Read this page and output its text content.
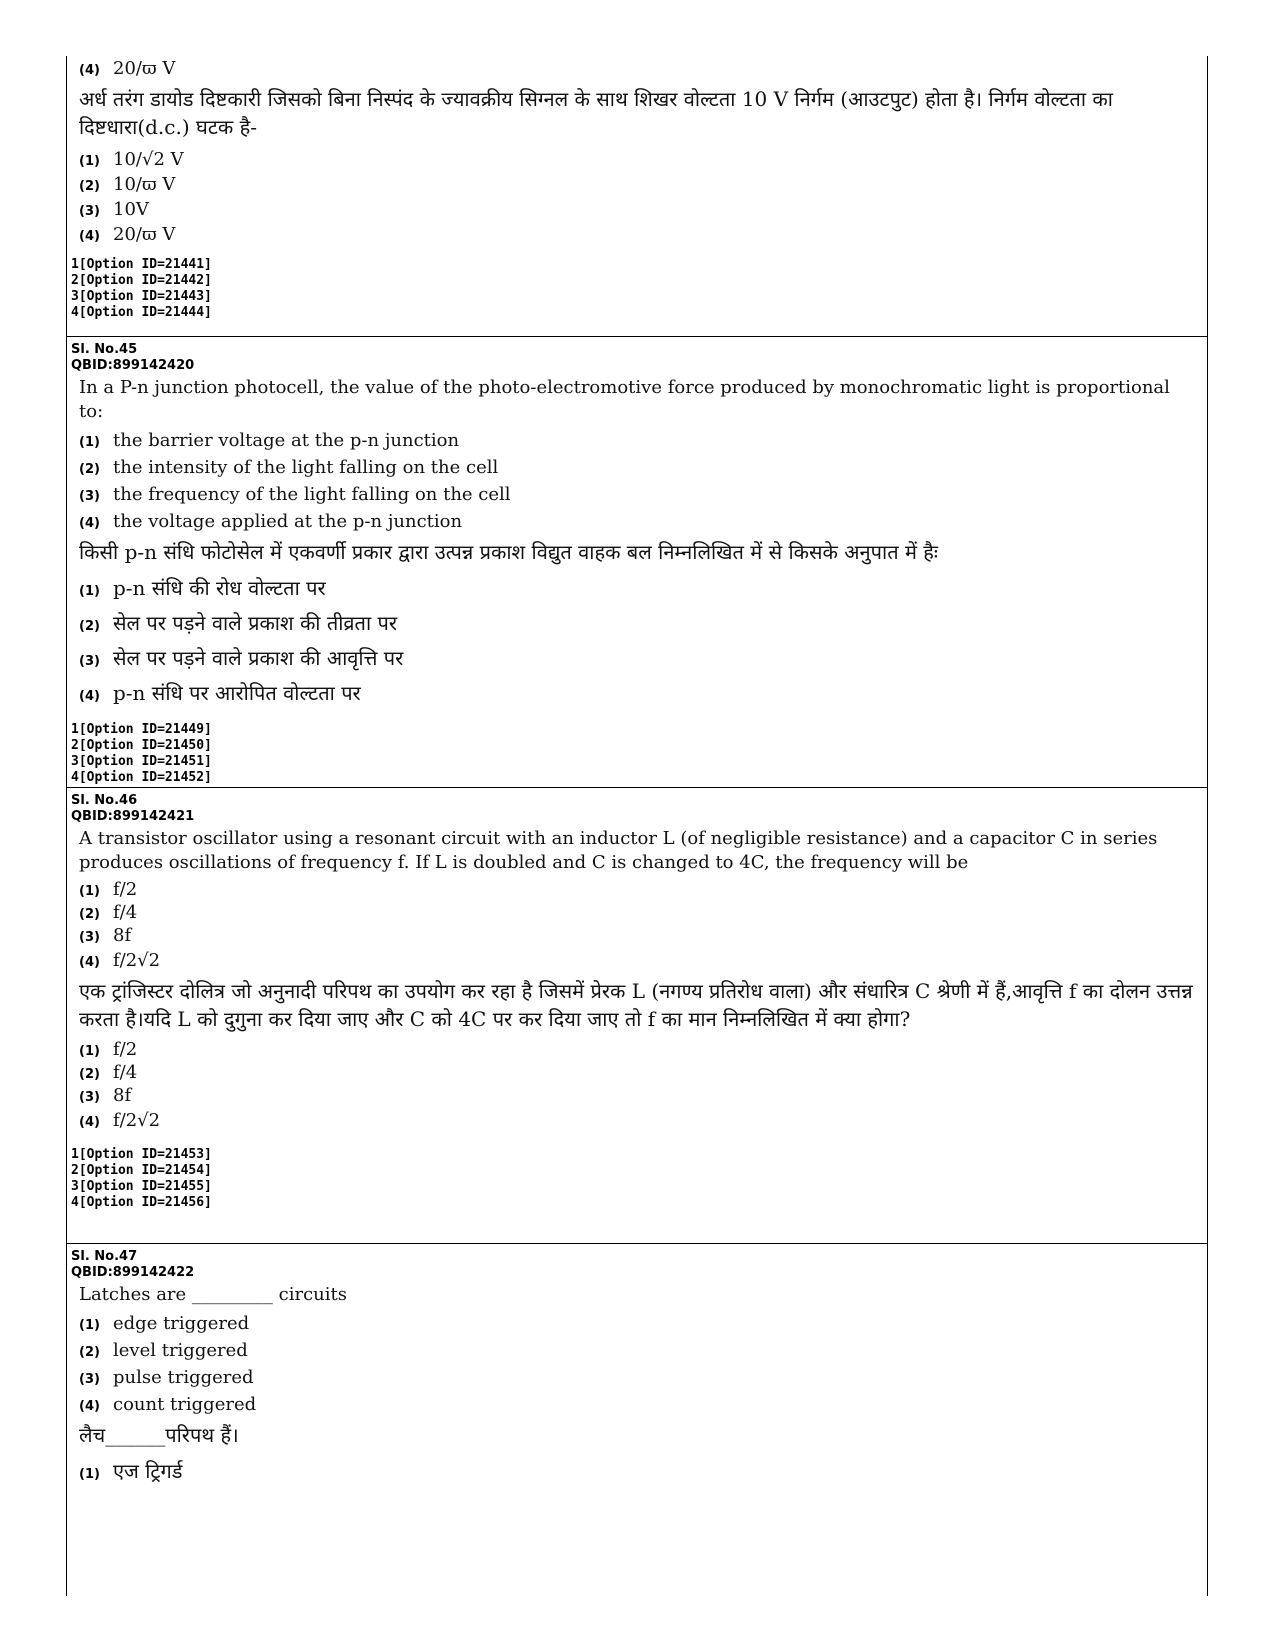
(4) 20/ϖ V
अर्ध तरंग डायोड दिष्टकारी जिसको बिना निस्पंद के ज्यावक्रीय सिग्नल के साथ शिखर वोल्टता 10 V निर्गम (आउटपुट) होता है। निर्गम वोल्टता का दिष्टधारा(d.c.) घटक है-
(1) 10/√2 V
(2) 10/ϖ V
(3) 10V
(4) 20/ϖ V
1[Option ID=21441]
2[Option ID=21442]
3[Option ID=21443]
4[Option ID=21444]
Sl. No.45
QBID:899142420
In a P-n junction photocell, the value of the photo-electromotive force produced by monochromatic light is proportional to:
(1) the barrier voltage at the p-n junction
(2) the intensity of the light falling on the cell
(3) the frequency of the light falling on the cell
(4) the voltage applied at the p-n junction
किसी p-n संधि फोटोसेल में एकवर्णी प्रकार द्वारा उत्पन्न प्रकाश विद्युत वाहक बल निम्नलिखित में से किसके अनुपात में हैः
(1) p-n संधि की रोध वोल्टता पर
(2) सेल पर पड़ने वाले प्रकाश की तीव्रता पर
(3) सेल पर पड़ने वाले प्रकाश की आवृत्ति पर
(4) p-n संधि पर आरोपित वोल्टता पर
1[Option ID=21449]
2[Option ID=21450]
3[Option ID=21451]
4[Option ID=21452]
Sl. No.46
QBID:899142421
A transistor oscillator using a resonant circuit with an inductor L (of negligible resistance) and a capacitor C in series produces oscillations of frequency f. If L is doubled and C is changed to 4C, the frequency will be
(1) f/2
(2) f/4
(3) 8f
(4) f/2√2
एक ट्रांजिस्टर दोलित्र जो अनुनादी परिपथ का उपयोग कर रहा है जिसमें प्रेरक L (नगण्य प्रतिरोध वाला) और संधारित्र C श्रेणी में हैं,आवृत्ति f का दोलन उत्तन्न करता है।यदि L को दुगुना कर दिया जाए और C को 4C पर कर दिया जाए तो f का मान निम्नलिखित में क्या होगा?
(1) f/2
(2) f/4
(3) 8f
(4) f/2√2
1[Option ID=21453]
2[Option ID=21454]
3[Option ID=21455]
4[Option ID=21456]
Sl. No.47
QBID:899142422
Latches are _________ circuits
(1) edge triggered
(2) level triggered
(3) pulse triggered
(4) count triggered
लैच______परिपथ हैं।
(1) एज ट्रिगर्ड
